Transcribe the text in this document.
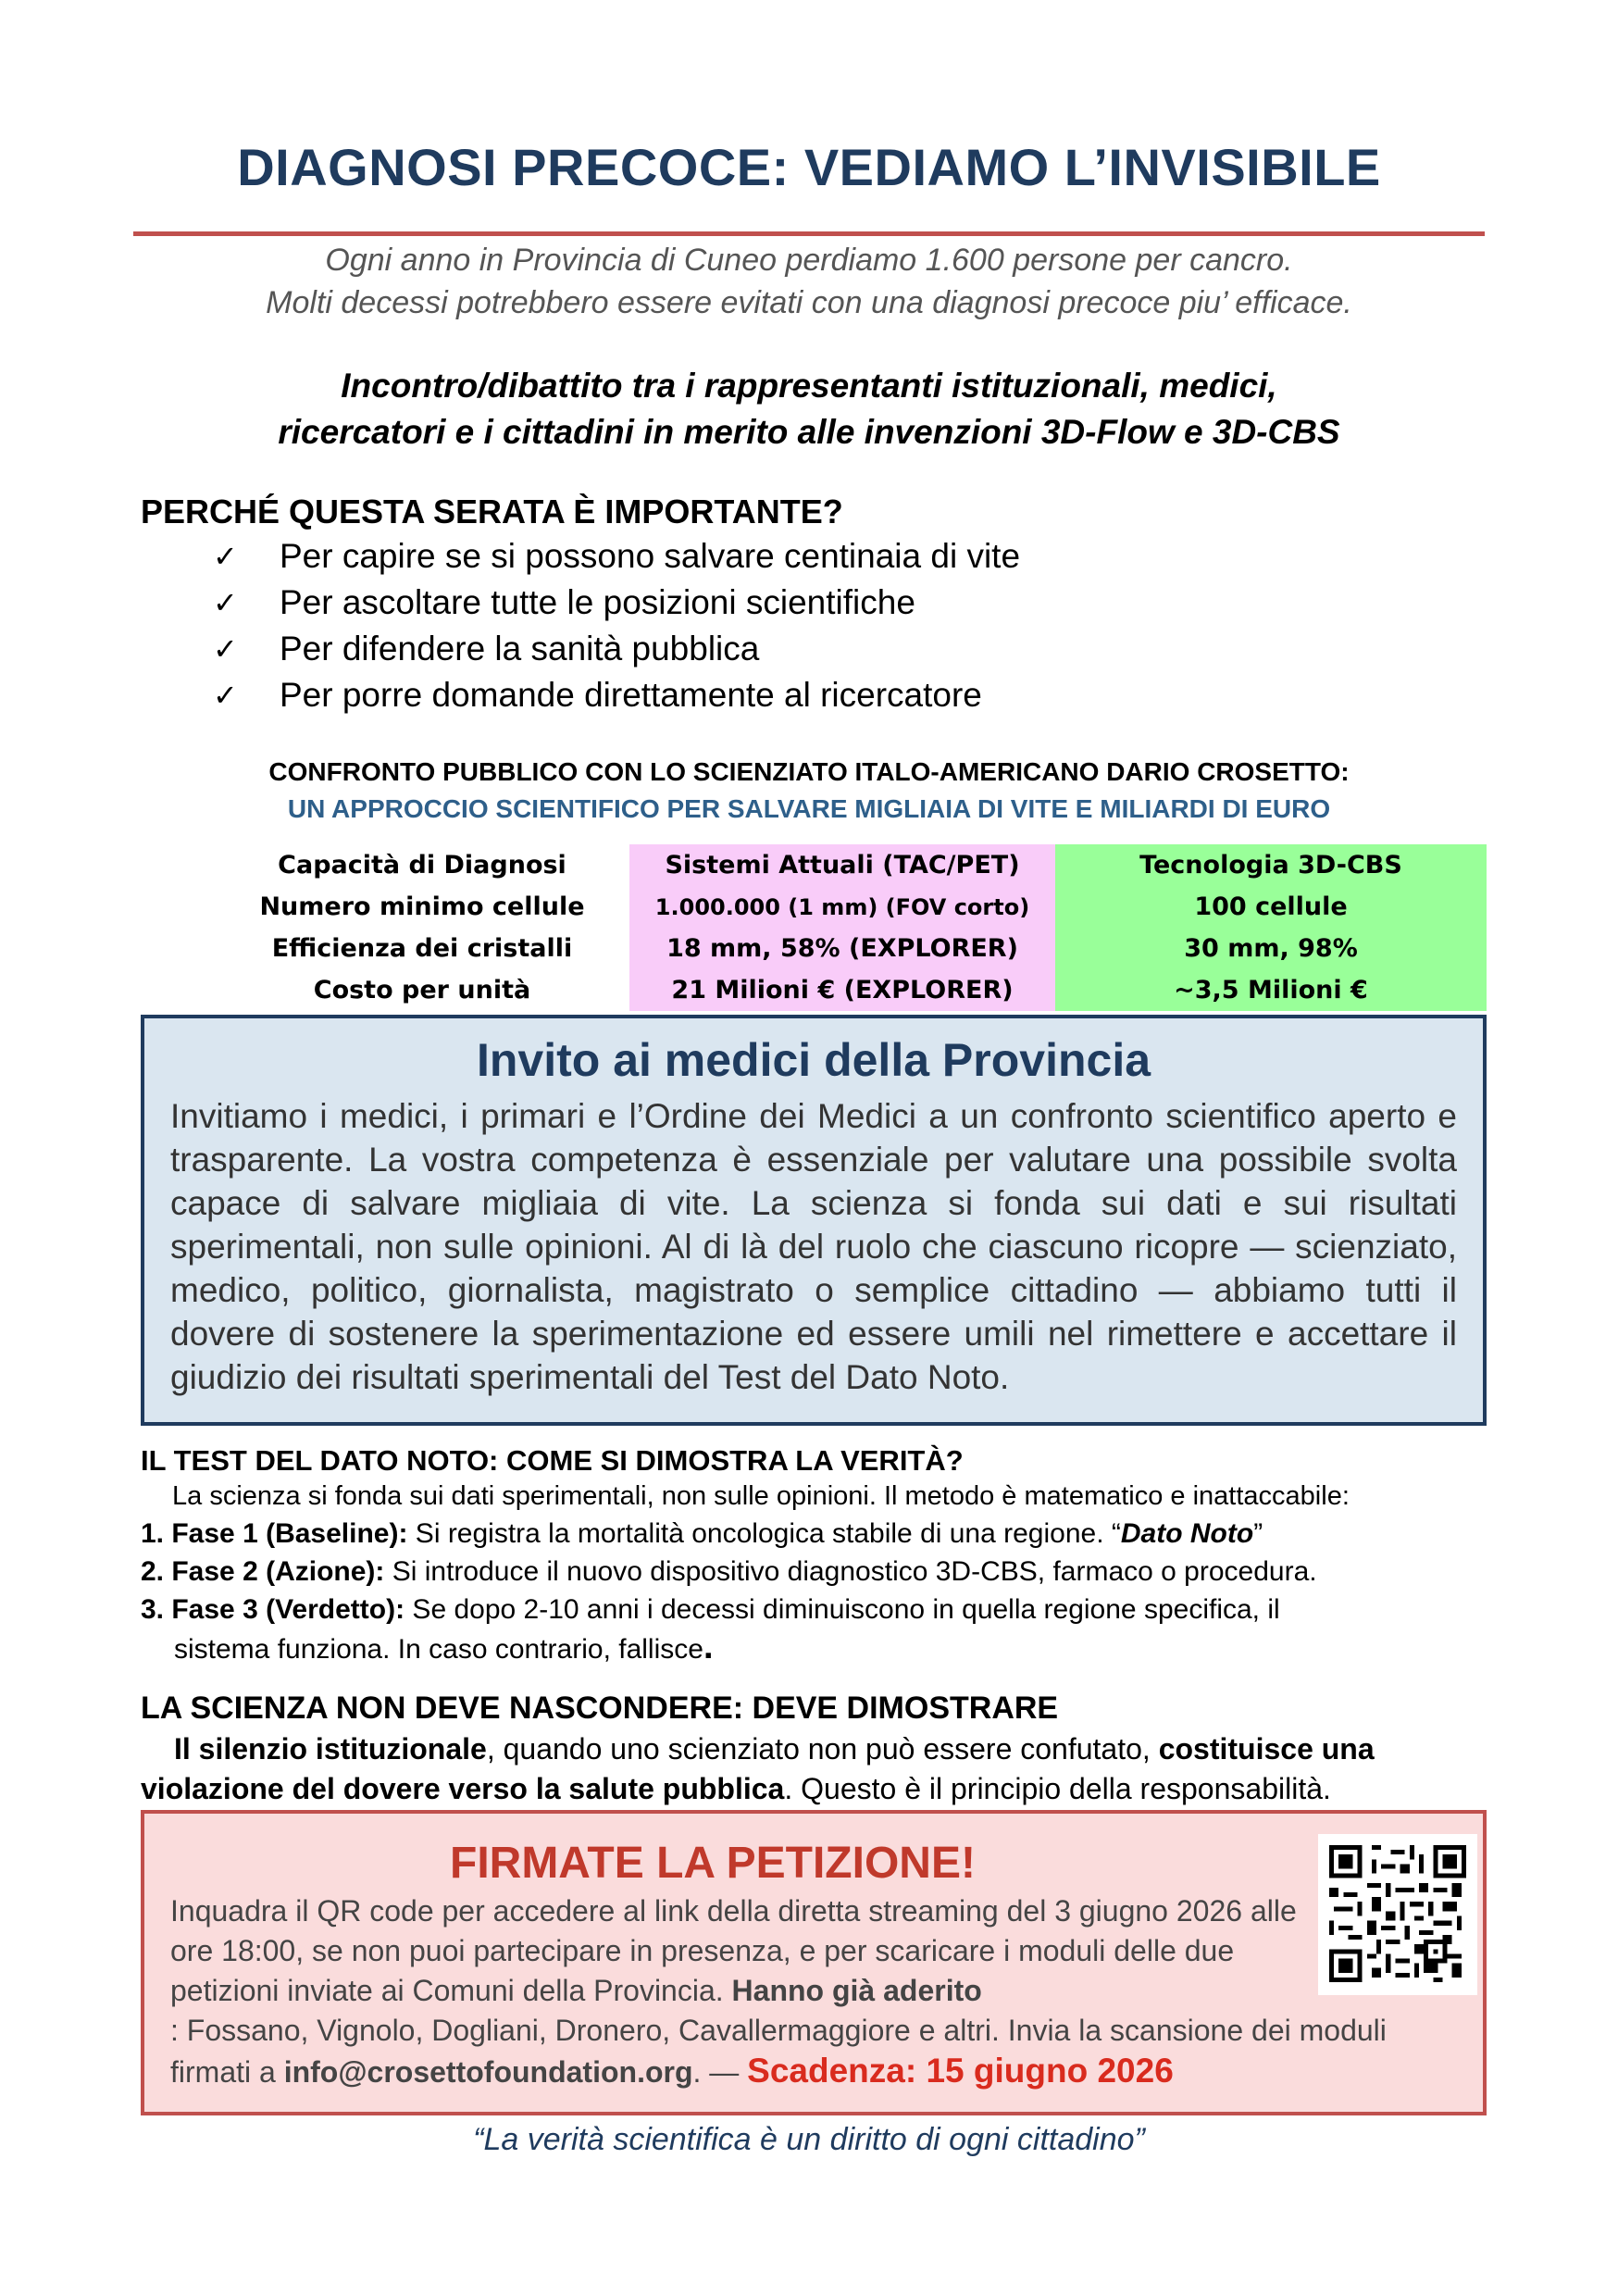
DIAGNOSI PRECOCE: VEDIAMO L’INVISIBILE
Ogni anno in Provincia di Cuneo perdiamo 1.600 persone per cancro.
Molti decessi potrebbero essere evitati con una diagnosi precoce piu’ efficace.
Incontro/dibattito tra i rappresentanti istituzionali, medici,
ricercatori e i cittadini in merito alle invenzioni 3D-Flow e 3D-CBS
PERCHÉ QUESTA SERATA È IMPORTANTE?
✓ Per capire se si possono salvare centinaia di vite
✓ Per ascoltare tutte le posizioni scientifiche
✓ Per difendere la sanità pubblica
✓ Per porre domande direttamente al ricercatore
CONFRONTO PUBBLICO CON LO SCIENZIATO ITALO-AMERICANO DARIO CROSETTO:
UN APPROCCIO SCIENTIFICO PER SALVARE MIGLIAIA DI VITE E MILIARDI DI EURO
Capacità di Diagnosi	Sistemi Attuali (TAC/PET)	Tecnologia 3D-CBS
Numero minimo cellule	1.000.000 (1 mm) (FOV corto)	100 cellule
Efficienza dei cristalli	18 mm, 58% (EXPLORER)	30 mm, 98%
Costo per unità	21 Milioni € (EXPLORER)	~3,5 Milioni €
Invito ai medici della Provincia
Invitiamo i medici, i primari e l’Ordine dei Medici a un confronto scientifico aperto e trasparente. La vostra competenza è essenziale per valutare una possibile svolta capace di salvare migliaia di vite. La scienza si fonda sui dati e sui risultati sperimentali, non sulle opinioni. Al di là del ruolo che ciascuno ricopre — scienziato, medico, politico, giornalista, magistrato o semplice cittadino — abbiamo tutti il dovere di sostenere la sperimentazione ed essere umili nel rimettere e accettare il giudizio dei risultati sperimentali del Test del Dato Noto.
IL TEST DEL DATO NOTO: COME SI DIMOSTRA LA VERITÀ?
La scienza si fonda sui dati sperimentali, non sulle opinioni. Il metodo è matematico e inattaccabile:
1. Fase 1 (Baseline): Si registra la mortalità oncologica stabile di una regione. “Dato Noto”
2. Fase 2 (Azione): Si introduce il nuovo dispositivo diagnostico 3D-CBS, farmaco o procedura.
3. Fase 3 (Verdetto): Se dopo 2-10 anni i decessi diminuiscono in quella regione specifica, il
sistema funziona. In caso contrario, fallisce.
LA SCIENZA NON DEVE NASCONDERE: DEVE DIMOSTRARE
Il silenzio istituzionale, quando uno scienziato non può essere confutato, costituisce una violazione del dovere verso la salute pubblica. Questo è il principio della responsabilità.
FIRMATE LA PETIZIONE!
Inquadra il QR code per accedere al link della diretta streaming del 3 giugno 2026 alle ore 18:00, se non puoi partecipare in presenza, e per scaricare i moduli delle due petizioni inviate ai Comuni della Provincia. Hanno già aderito
: Fossano, Vignolo, Dogliani, Dronero, Cavallermaggiore e altri. Invia la scansione dei moduli firmati a info@crosettofoundation.org. — Scadenza: 15 giugno 2026
“La verità scientifica è un diritto di ogni cittadino”
